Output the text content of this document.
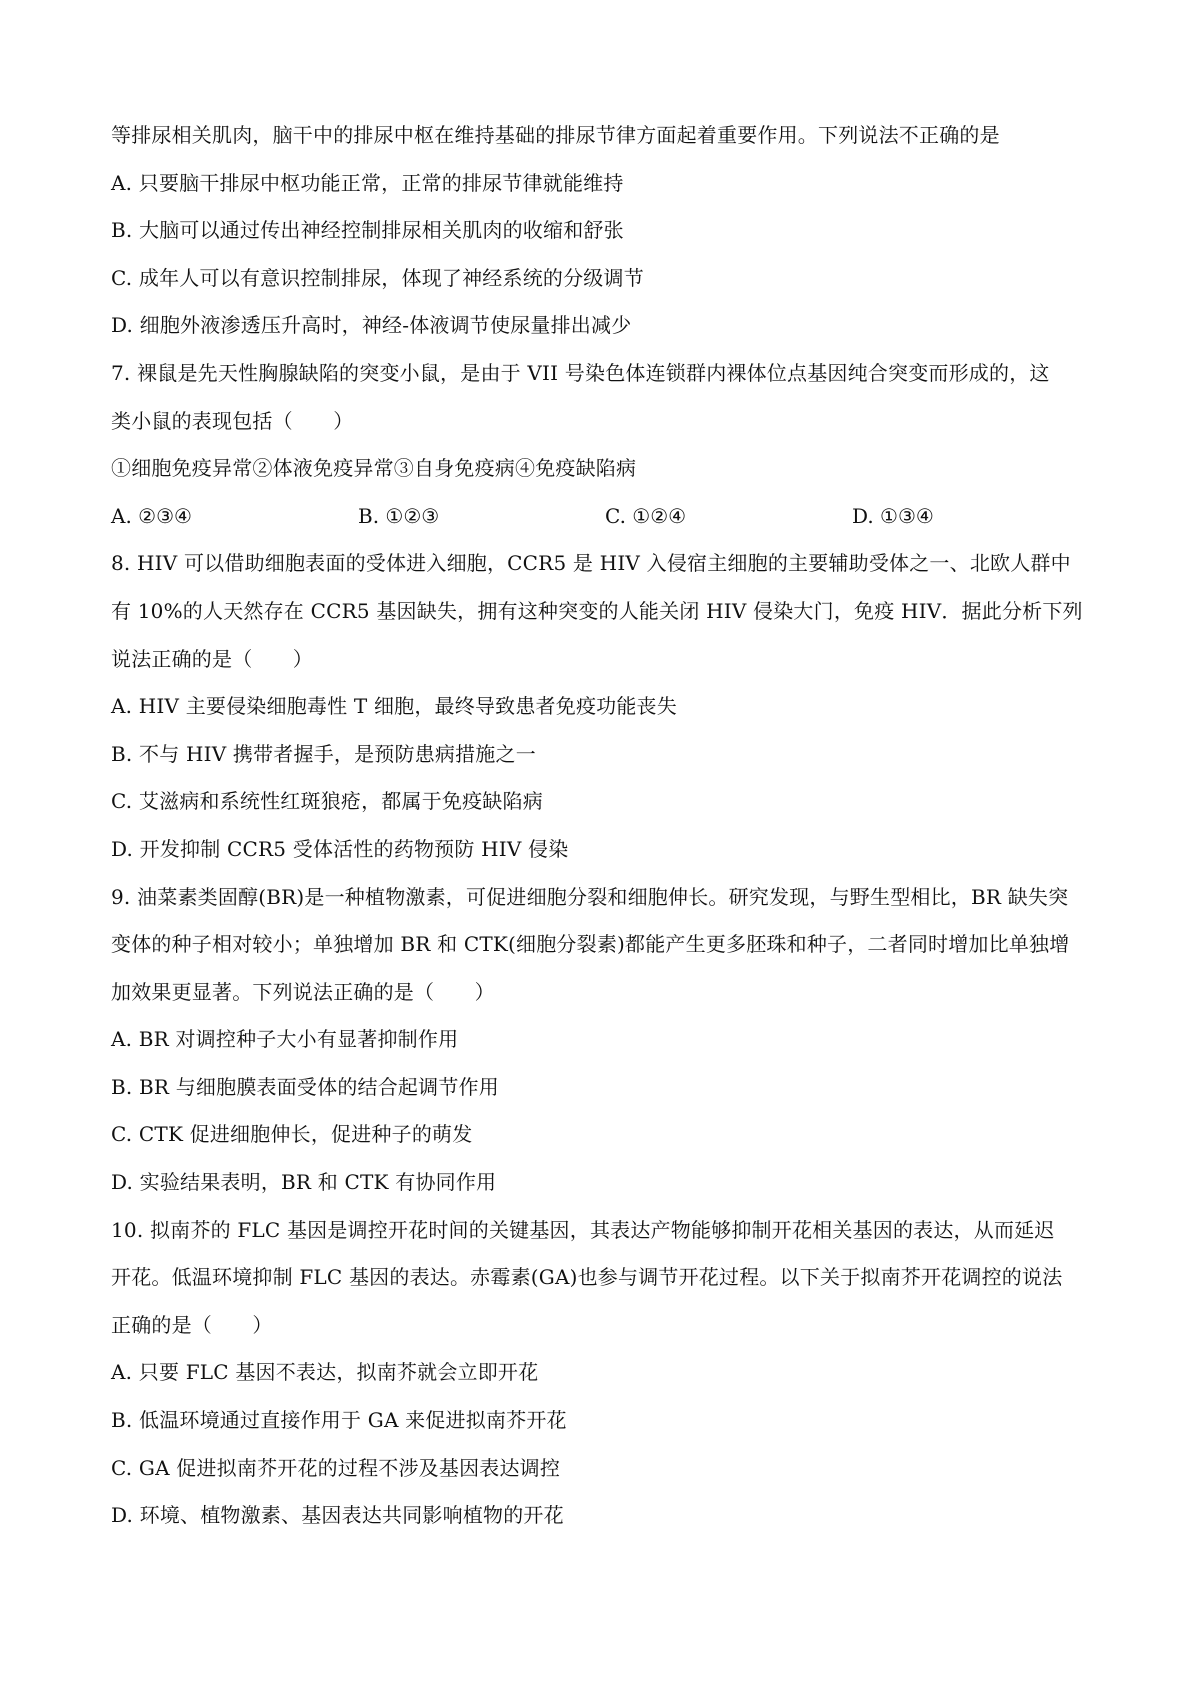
等排尿相关肌肉，脑干中的排尿中枢在维持基础的排尿节律方面起着重要作用。下列说法不正确的是
A. 只要脑干排尿中枢功能正常，正常的排尿节律就能维持
B. 大脑可以通过传出神经控制排尿相关肌肉的收缩和舒张
C. 成年人可以有意识控制排尿，体现了神经系统的分级调节
D. 细胞外液渗透压升高时，神经-体液调节使尿量排出减少
7. 裸鼠是先天性胸腺缺陷的突变小鼠，是由于 VII 号染色体连锁群内裸体位点基因纯合突变而形成的，这
类小鼠的表现包括（　　）
①细胞免疫异常②体液免疫异常③自身免疫病④免疫缺陷病
A. ②③④	B. ①②③	C. ①②④	D. ①③④
8. HIV 可以借助细胞表面的受体进入细胞，CCR5 是 HIV 入侵宿主细胞的主要辅助受体之一、北欧人群中
有 10%的人天然存在 CCR5 基因缺失，拥有这种突变的人能关闭 HIV 侵染大门，免疫 HIV．据此分析下列
说法正确的是（　　）
A. HIV 主要侵染细胞毒性 T 细胞，最终导致患者免疫功能丧失
B. 不与 HIV 携带者握手，是预防患病措施之一
C. 艾滋病和系统性红斑狼疮，都属于免疫缺陷病
D. 开发抑制 CCR5 受体活性的药物预防 HIV 侵染
9. 油菜素类固醇(BR)是一种植物激素，可促进细胞分裂和细胞伸长。研究发现，与野生型相比，BR 缺失突
变体的种子相对较小；单独增加 BR 和 CTK(细胞分裂素)都能产生更多胚珠和种子，二者同时增加比单独增
加效果更显著。下列说法正确的是（　　）
A. BR 对调控种子大小有显著抑制作用
B. BR 与细胞膜表面受体的结合起调节作用
C. CTK 促进细胞伸长，促进种子的萌发
D. 实验结果表明，BR 和 CTK 有协同作用
10. 拟南芥的 FLC 基因是调控开花时间的关键基因，其表达产物能够抑制开花相关基因的表达，从而延迟
开花。低温环境抑制 FLC 基因的表达。赤霉素(GA)也参与调节开花过程。以下关于拟南芥开花调控的说法
正确的是（　　）
A. 只要 FLC 基因不表达，拟南芥就会立即开花
B. 低温环境通过直接作用于 GA 来促进拟南芥开花
C. GA 促进拟南芥开花的过程不涉及基因表达调控
D. 环境、植物激素、基因表达共同影响植物的开花
